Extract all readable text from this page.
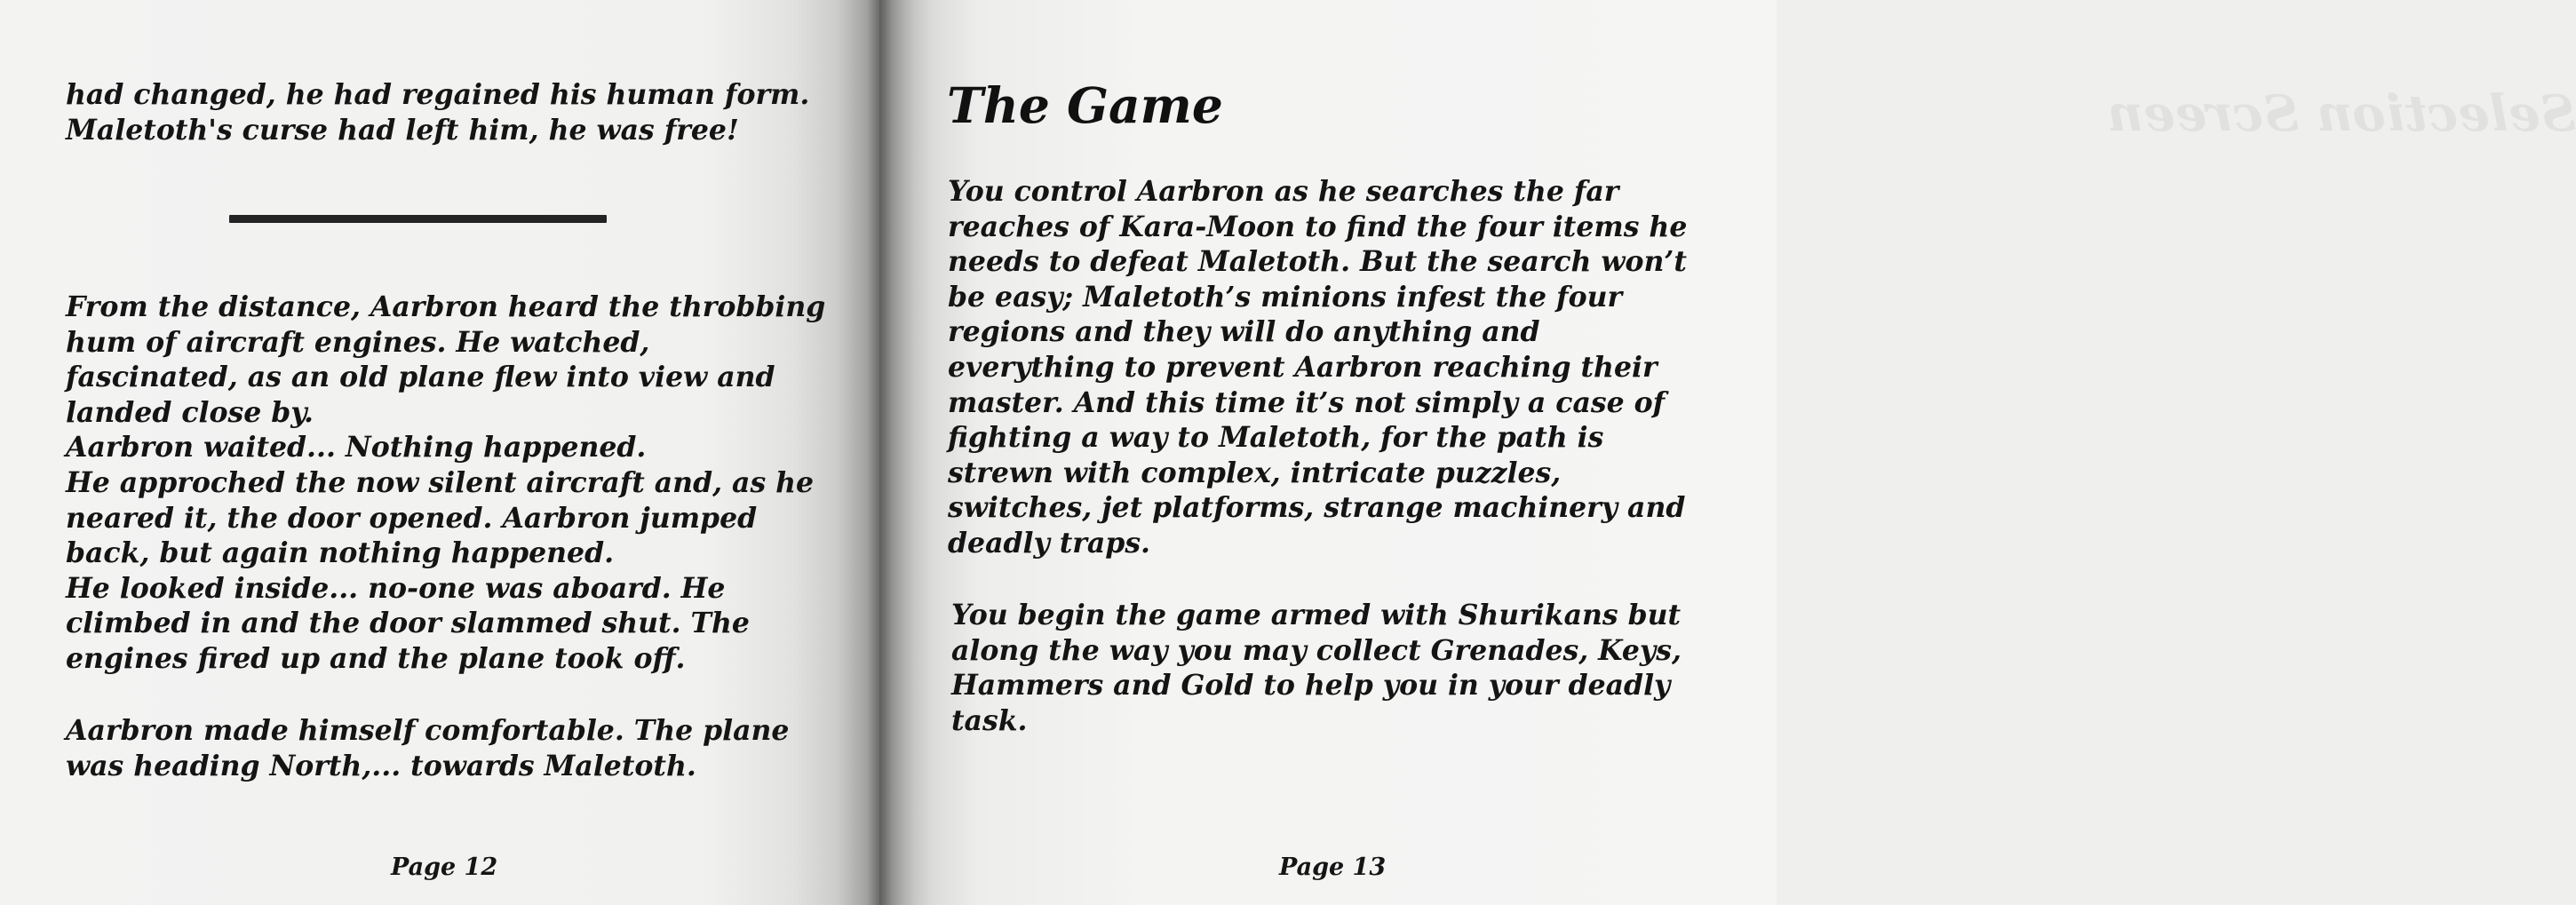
had changed, he had regained his human form.
Maletoth's curse had left him, he was free!
From the distance, Aarbron heard the throbbing
hum of aircraft engines. He watched,
fascinated, as an old plane flew into view and
landed close by.
Aarbron waited... Nothing happened.
He approched the now silent aircraft and, as he
neared it, the door opened. Aarbron jumped
back, but again nothing happened.
He looked inside... no-one was aboard. He
climbed in and the door slammed shut. The
engines fired up and the plane took off.
Aarbron made himself comfortable. The plane
was heading North,... towards Maletoth.
Page 12
Selection Screen
The Game
You control Aarbron as he searches the far
reaches of Kara-Moon to find the four items he
needs to defeat Maletoth. But the search won’t
be easy; Maletoth’s minions infest the four
regions and they will do anything and
everything to prevent Aarbron reaching their
master. And this time it’s not simply a case of
fighting a way to Maletoth, for the path is
strewn with complex, intricate puzzles,
switches, jet platforms, strange machinery and
deadly traps.
You begin the game armed with Shurikans but
along the way you may collect Grenades, Keys,
Hammers and Gold to help you in your deadly
task.
Page 13
